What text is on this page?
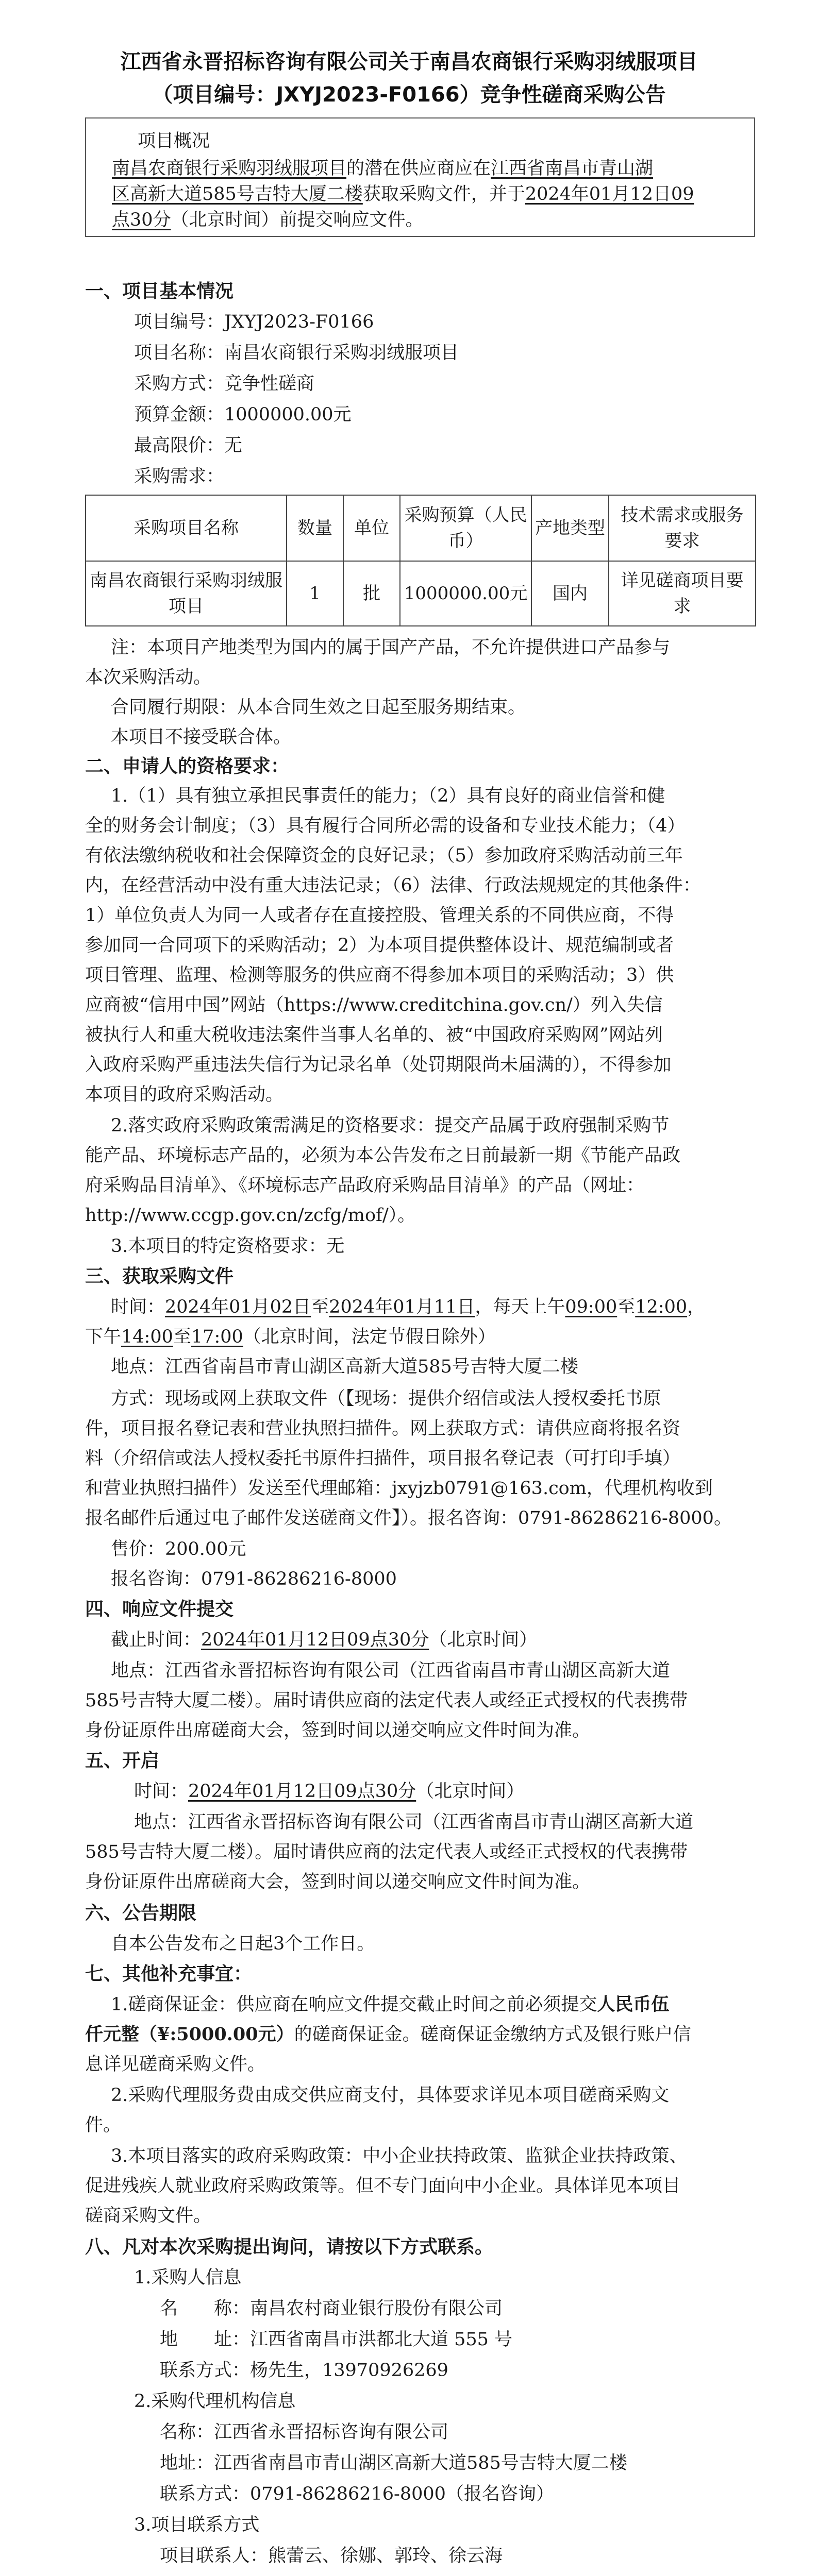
江西省永晋招标咨询有限公司关于南昌农商银行采购羽绒服项目
（项目编号：JXYJ2023-F0166）竞争性磋商采购公告
项目概况
南昌农商银行采购羽绒服项目的潜在供应商应在江西省南昌市青山湖
区高新大道585号吉特大厦二楼获取采购文件，并于2024年01月12日09
点30分（北京时间）前提交响应文件。
一、项目基本情况
项目编号：JXYJ2023-F0166
项目名称：南昌农商银行采购羽绒服项目
采购方式：竞争性磋商
预算金额：1000000.00元
最高限价：无
采购需求：
采购项目名称	数量	单位	采购预算（人民币）	产地类型	技术需求或服务要求
南昌农商银行采购羽绒服项目	1	批	1000000.00元	国内	详见磋商项目要求
注：本项目产地类型为国内的属于国产产品，不允许提供进口产品参与
本次采购活动。
合同履行期限：从本合同生效之日起至服务期结束。
本项目不接受联合体。
二、申请人的资格要求：
1.（1）具有独立承担民事责任的能力；（2）具有良好的商业信誉和健
全的财务会计制度；（3）具有履行合同所必需的设备和专业技术能力；（4）
有依法缴纳税收和社会保障资金的良好记录；（5）参加政府采购活动前三年
内，在经营活动中没有重大违法记录；（6）法律、行政法规规定的其他条件：
1）单位负责人为同一人或者存在直接控股、管理关系的不同供应商，不得
参加同一合同项下的采购活动；2）为本项目提供整体设计、规范编制或者
项目管理、监理、检测等服务的供应商不得参加本项目的采购活动；3）供
应商被“信用中国”网站（https://www.creditchina.gov.cn/）列入失信
被执行人和重大税收违法案件当事人名单的、被“中国政府采购网”网站列
入政府采购严重违法失信行为记录名单（处罚期限尚未届满的），不得参加
本项目的政府采购活动。
2.落实政府采购政策需满足的资格要求：提交产品属于政府强制采购节
能产品、环境标志产品的，必须为本公告发布之日前最新一期《节能产品政
府采购品目清单》、《环境标志产品政府采购品目清单》的产品（网址：
http://www.ccgp.gov.cn/zcfg/mof/）。
3.本项目的特定资格要求：无
三、获取采购文件
时间：2024年01月02日至2024年01月11日，每天上午09:00至12:00，
下午14:00至17:00（北京时间，法定节假日除外）
地点：江西省南昌市青山湖区高新大道585号吉特大厦二楼
方式：现场或网上获取文件（【现场：提供介绍信或法人授权委托书原
件，项目报名登记表和营业执照扫描件。网上获取方式：请供应商将报名资
料（介绍信或法人授权委托书原件扫描件，项目报名登记表（可打印手填）
和营业执照扫描件）发送至代理邮箱：jxyjzb0791@163.com，代理机构收到
报名邮件后通过电子邮件发送磋商文件】）。报名咨询：0791-86286216-8000。
售价：200.00元
报名咨询：0791-86286216-8000
四、响应文件提交
截止时间：2024年01月12日09点30分（北京时间）
地点：江西省永晋招标咨询有限公司（江西省南昌市青山湖区高新大道
585号吉特大厦二楼）。届时请供应商的法定代表人或经正式授权的代表携带
身份证原件出席磋商大会，签到时间以递交响应文件时间为准。
五、开启
时间：2024年01月12日09点30分（北京时间）
地点：江西省永晋招标咨询有限公司（江西省南昌市青山湖区高新大道
585号吉特大厦二楼）。届时请供应商的法定代表人或经正式授权的代表携带
身份证原件出席磋商大会，签到时间以递交响应文件时间为准。
六、公告期限
自本公告发布之日起3个工作日。
七、其他补充事宜：
1.磋商保证金：供应商在响应文件提交截止时间之前必须提交人民币伍
仟元整（¥:5000.00元）的磋商保证金。磋商保证金缴纳方式及银行账户信
息详见磋商采购文件。
2.采购代理服务费由成交供应商支付，具体要求详见本项目磋商采购文
件。
3.本项目落实的政府采购政策：中小企业扶持政策、监狱企业扶持政策、
促进残疾人就业政府采购政策等。但不专门面向中小企业。具体详见本项目
磋商采购文件。
八、凡对本次采购提出询问，请按以下方式联系。
1.采购人信息
名　　称：南昌农村商业银行股份有限公司
地　　址：江西省南昌市洪都北大道 555 号
联系方式：杨先生，13970926269
2.采购代理机构信息
名称：江西省永晋招标咨询有限公司
地址：江西省南昌市青山湖区高新大道585号吉特大厦二楼
联系方式：0791-86286216-8000（报名咨询）
3.项目联系方式
项目联系人：熊蕾云、徐娜、郭玲、徐云海
